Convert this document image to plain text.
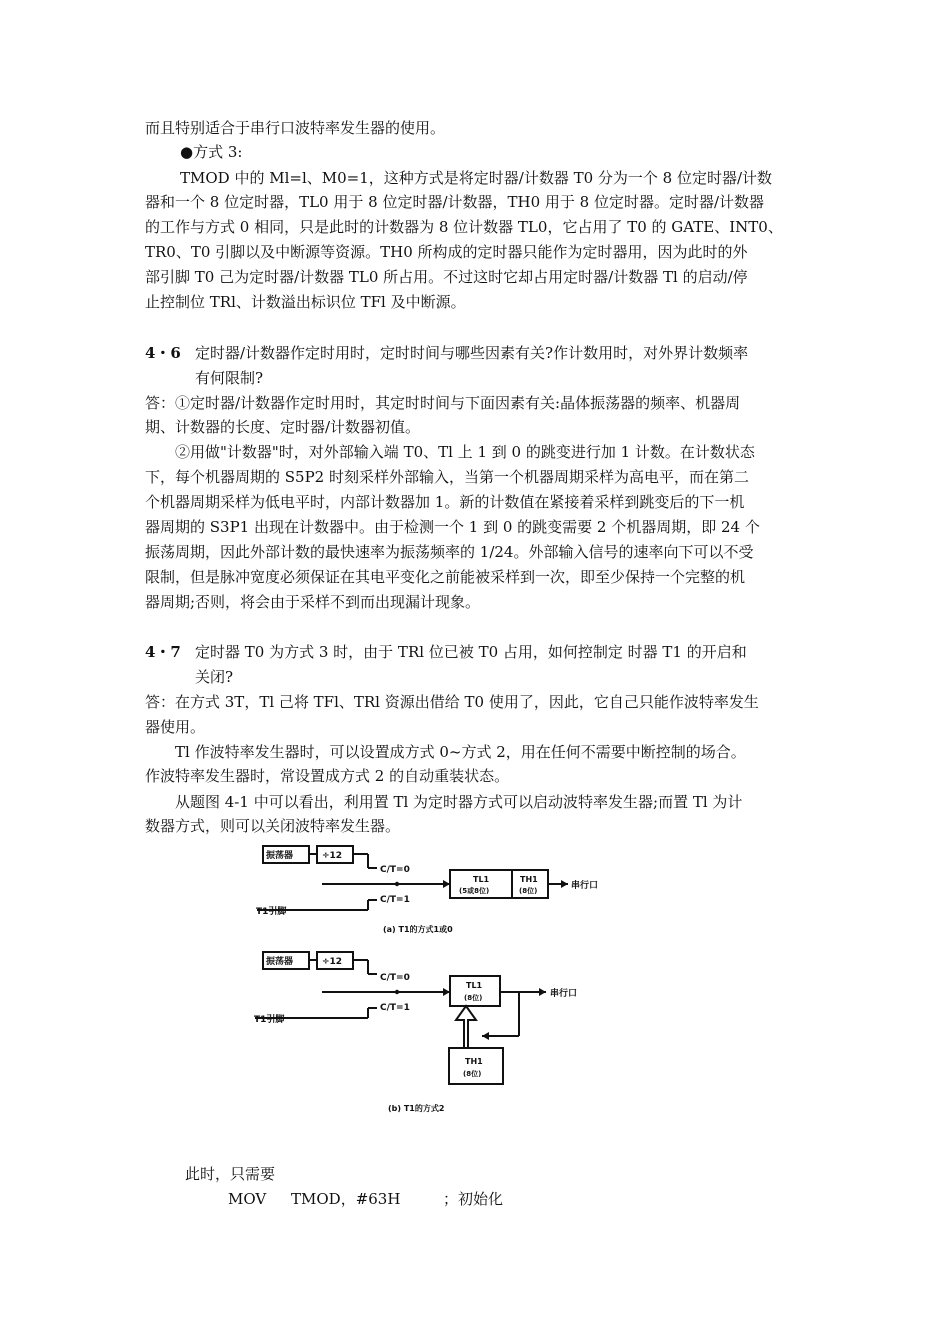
而且特别适合于串行口波特率发生器的使用。
●方式 3:
TMOD 中的 Ml=l、M0=1，这种方式是将定时器/计数器 T0 分为一个 8 位定时器/计数
器和一个 8 位定时器，TL0 用于 8 位定时器/计数器，TH0 用于 8 位定时器。定时器/计数器
的工作与方式 0 相同，只是此时的计数器为 8 位计数器 TL0，它占用了 T0 的 GATE、INT0、
TR0、T0 引脚以及中断源等资源。TH0 所构成的定时器只能作为定时器用，因为此时的外
部引脚 T0 己为定时器/计数器 TL0 所占用。不过这时它却占用定时器/计数器 Tl 的启动/停
止控制位 TRl、计数溢出标识位 TFl 及中断源。
4・6 定时器/计数器作定时用时，定时时间与哪些因素有关?作计数用时，对外界计数频率
有何限制?
答：①定时器/计数器作定时用时，其定时时间与下面因素有关:晶体振荡器的频率、机器周
期、计数器的长度、定时器/计数器初值。
②用做"计数器"时，对外部输入端 T0、Tl 上 1 到 0 的跳变进行加 1 计数。在计数状态
下，每个机器周期的 S5P2 时刻采样外部输入，当第一个机器周期采样为高电平，而在第二
个机器周期采样为低电平时，内部计数器加 1。新的计数值在紧接着采样到跳变后的下一机
器周期的 S3P1 出现在计数器中。由于检测一个 1 到 0 的跳变需要 2 个机器周期，即 24 个
振荡周期，因此外部计数的最快速率为振荡频率的 1/24。外部输入信号的速率向下可以不受
限制，但是脉冲宽度必须保证在其电平变化之前能被采样到一次，即至少保持一个完整的机
器周期;否则，将会由于采样不到而出现漏计现象。
4・7 定时器 T0 为方式 3 时，由于 TRl 位已被 T0 占用，如何控制定 时器 T1 的开启和
关闭?
答：在方式 3T，Tl 己将 TFl、TRl 资源出借给 T0 使用了，因此，它自己只能作波特率发生
器使用。
Tl 作波特率发生器时，可以设置成方式 0~方式 2，用在任何不需要中断控制的场合。
作波特率发生器时，常设置成方式 2 的自动重装状态。
从题图 4-1 中可以看出，利用置 Tl 为定时器方式可以启动波特率发生器;而置 Tl 为计
数器方式，则可以关闭波特率发生器。
振荡器	÷12
C/T=0
C/T=1
T1引脚
TL1
(5或8位)
TH1
(8位)	串行口
(a) T1的方式1或0
振荡器	÷12
C/T=0
C/T=1
T1引脚
TL1
(8位)	串行口
TH1
(8位)
(b) T1的方式2
此时，只需要
MOV TMOD，#63H	；初始化
